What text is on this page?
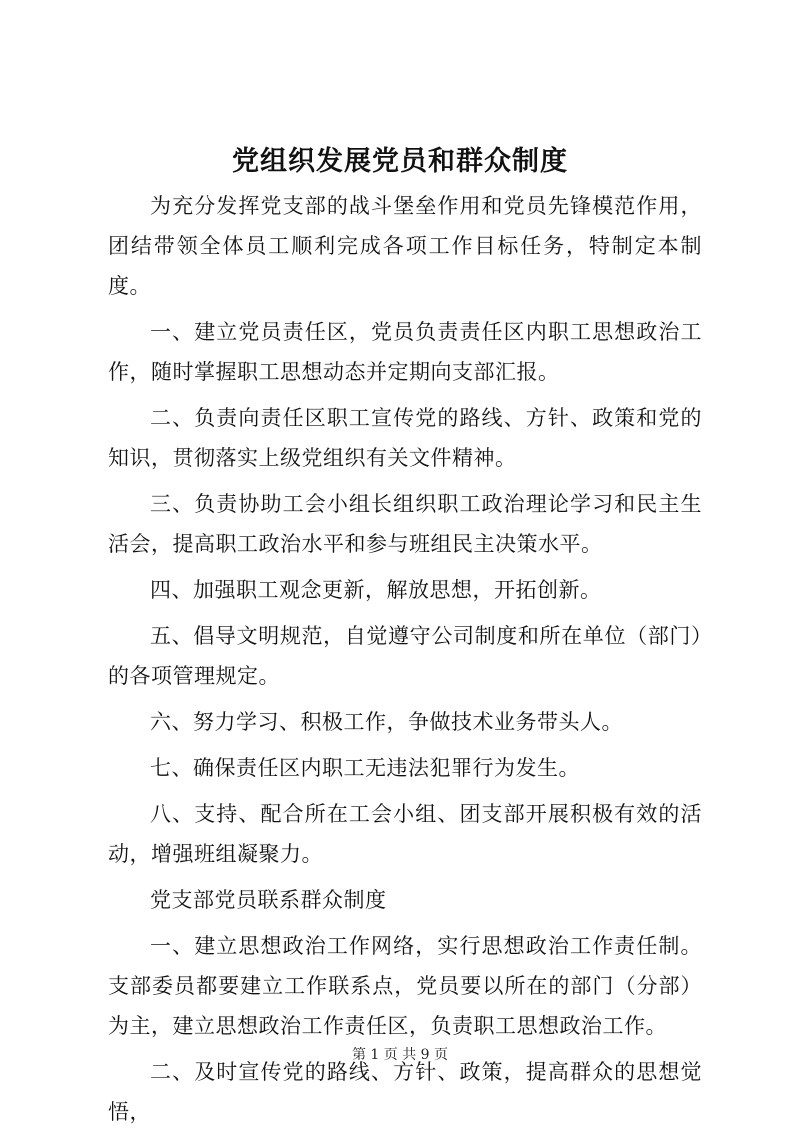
党组织发展党员和群众制度

为充分发挥党支部的战斗堡垒作用和党员先锋模范作用，团结带领全体员工顺利完成各项工作目标任务，特制定本制度。

一、建立党员责任区，党员负责责任区内职工思想政治工作，随时掌握职工思想动态并定期向支部汇报。

二、负责向责任区职工宣传党的路线、方针、政策和党的知识，贯彻落实上级党组织有关文件精神。

三、负责协助工会小组长组织职工政治理论学习和民主生活会，提高职工政治水平和参与班组民主决策水平。

四、加强职工观念更新，解放思想，开拓创新。

五、倡导文明规范，自觉遵守公司制度和所在单位（部门）的各项管理规定。

六、努力学习、积极工作，争做技术业务带头人。

七、确保责任区内职工无违法犯罪行为发生。

八、支持、配合所在工会小组、团支部开展积极有效的活动，增强班组凝聚力。

党支部党员联系群众制度

一、建立思想政治工作网络，实行思想政治工作责任制。支部委员都要建立工作联系点，党员要以所在的部门（分部）为主，建立思想政治工作责任区，负责职工思想政治工作。

二、及时宣传党的路线、方针、政策，提高群众的思想觉悟，

第 1 页 共 9 页
